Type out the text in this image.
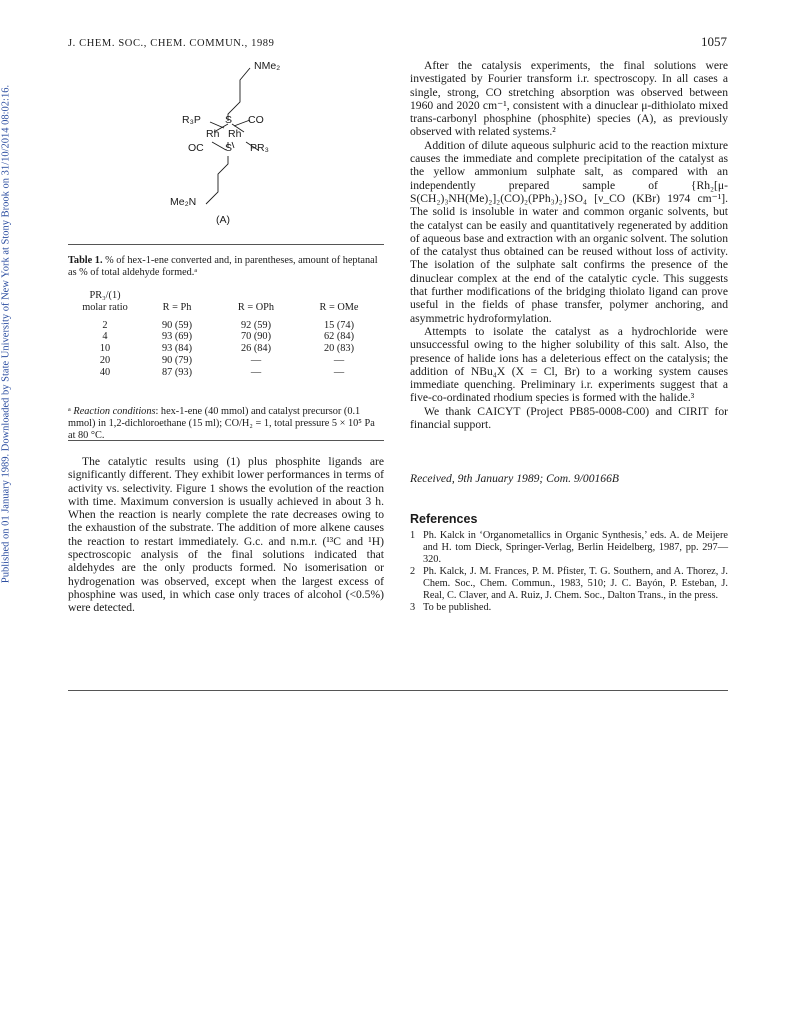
Published on 01 January 1989. Downloaded by State University of New York at Stony Brook on 31/10/2014 08:02:16.
J. CHEM. SOC., CHEM. COMMUN., 1989	1057
NMe₂
R₃P S CO
Rh Rh
OC S PR₃
Me₂N
(A)
Table 1. % of hex-1-ene converted and, in parentheses, amount of heptanal as % of total aldehyde formed.ᵃ
PR₃/(1)			
molar ratio	R = Ph	R = OPh	R = OMe

2	90 (59)	92 (59)	15 (74)
4	93 (69)	70 (90)	62 (84)
10	93 (84)	26 (84)	20 (83)
20	90 (79)	—	—
40	87 (93)	—	—
ᵃ Reaction conditions: hex-1-ene (40 mmol) and catalyst precursor (0.1 mmol) in 1,2-dichloroethane (15 ml); CO/H₂ = 1, total pressure 5 × 10⁵ Pa at 80 °C.

The catalytic results using (1) plus phosphite ligands are significantly different. They exhibit lower performances in terms of activity vs. selectivity. Figure 1 shows the evolution of the reaction with time. Maximum conversion is usually achieved in about 3 h. When the reaction is nearly complete the rate decreases owing to the exhaustion of the substrate. The addition of more alkene causes the reaction to restart immediately. G.c. and n.m.r. (¹³C and ¹H) spectroscopic analysis of the final solutions indicated that aldehydes are the only products formed. No isomerisation or hydrogenation was observed, except when the largest excess of phosphine was used, in which case only traces of alcohol (<0.5%) were detected.

After the catalysis experiments, the final solutions were investigated by Fourier transform i.r. spectroscopy. In all cases a single, strong, CO stretching absorption was observed between 1960 and 2020 cm⁻¹, consistent with a dinuclear μ-dithiolato mixed trans-carbonyl phosphine (phosphite) species (A), as previously observed with related systems.²

Addition of dilute aqueous sulphuric acid to the reaction mixture causes the immediate and complete precipitation of the catalyst as the yellow ammonium sulphate salt, as compared with an independently prepared sample of {Rh₂[μ-S(CH₂)₃NH(Me)₂]₂(CO)₂(PPh₃)₂}SO₄ [ν_CO (KBr) 1974 cm⁻¹]. The solid is insoluble in water and common organic solvents, but the catalyst can be easily and quantitatively regenerated by addition of aqueous base and extraction with an organic solvent. The solution of the catalyst thus obtained can be reused without loss of activity. The isolation of the sulphate salt confirms the presence of the dinuclear complex at the end of the catalytic cycle. This suggests that further modifications of the bridging thiolato ligand can prove useful in the fields of phase transfer, polymer anchoring, and asymmetric hydroformylation.

Attempts to isolate the catalyst as a hydrochloride were unsuccessful owing to the higher solubility of this salt. Also, the presence of halide ions has a deleterious effect on the catalysis; the addition of NBu₄X (X = Cl, Br) to a working system causes immediate quenching. Preliminary i.r. experiments suggest that a five-co-ordinated rhodium species is formed with the halide.³

We thank CAICYT (Project PB85-0008-C00) and CIRIT for financial support.

Received, 9th January 1989; Com. 9/00166B
References
1 Ph. Kalck in ‘Organometallics in Organic Synthesis,’ eds. A. de Meijere and H. tom Dieck, Springer-Verlag, Berlin Heidelberg, 1987, pp. 297—320.
2 Ph. Kalck, J. M. Frances, P. M. Pfister, T. G. Southern, and A. Thorez, J. Chem. Soc., Chem. Commun., 1983, 510; J. C. Bayón, P. Esteban, J. Real, C. Claver, and A. Ruiz, J. Chem. Soc., Dalton Trans., in the press.
3 To be published.
